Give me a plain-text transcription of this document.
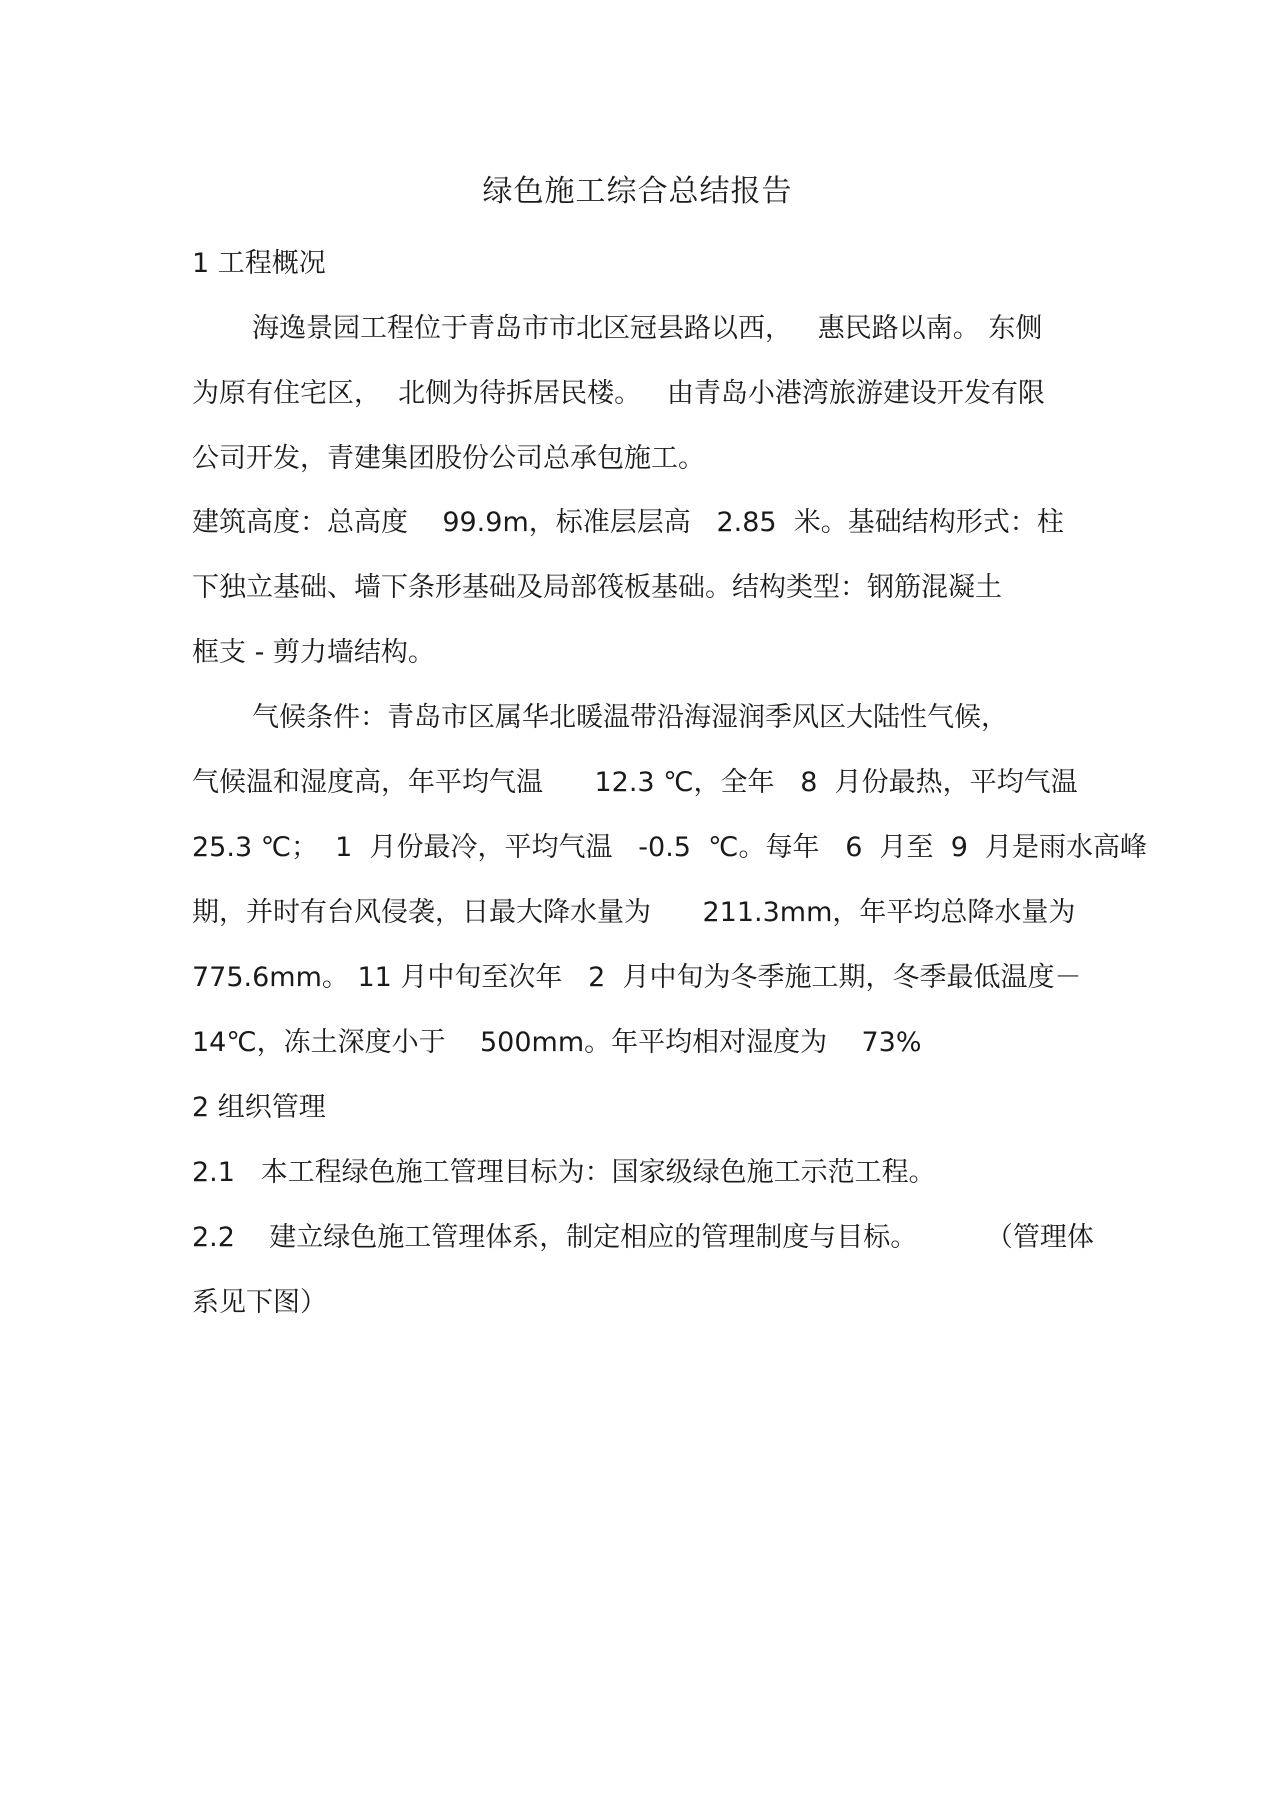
绿色施工综合总结报告
1 工程概况
海逸景园工程位于青岛市市北区冠县路以西，   惠民路以南。 东侧
为原有住宅区，  北侧为待拆居民楼。   由青岛小港湾旅游建设开发有限
公司开发，青建集团股份公司总承包施工。
建筑高度：总高度    99.9m，标准层层高   2.85  米。基础结构形式：柱
下独立基础、墙下条形基础及局部筏板基础。结构类型：钢筋混凝土
框支 - 剪力墙结构。
气候条件：青岛市区属华北暖温带沿海湿润季风区大陆性气候，
气候温和湿度高，年平均气温      12.3 ℃，全年   8  月份最热，平均气温
25.3 ℃；  1  月份最冷，平均气温   -0.5  ℃。每年   6  月至  9  月是雨水高峰
期，并时有台风侵袭，日最大降水量为      211.3mm，年平均总降水量为
775.6mm。 11 月中旬至次年   2  月中旬为冬季施工期，冬季最低温度－
14℃，冻土深度小于    500mm。年平均相对湿度为    73%
2 组织管理
2.1   本工程绿色施工管理目标为：国家级绿色施工示范工程。
2.2    建立绿色施工管理体系，制定相应的管理制度与目标。        （管理体
系见下图）
